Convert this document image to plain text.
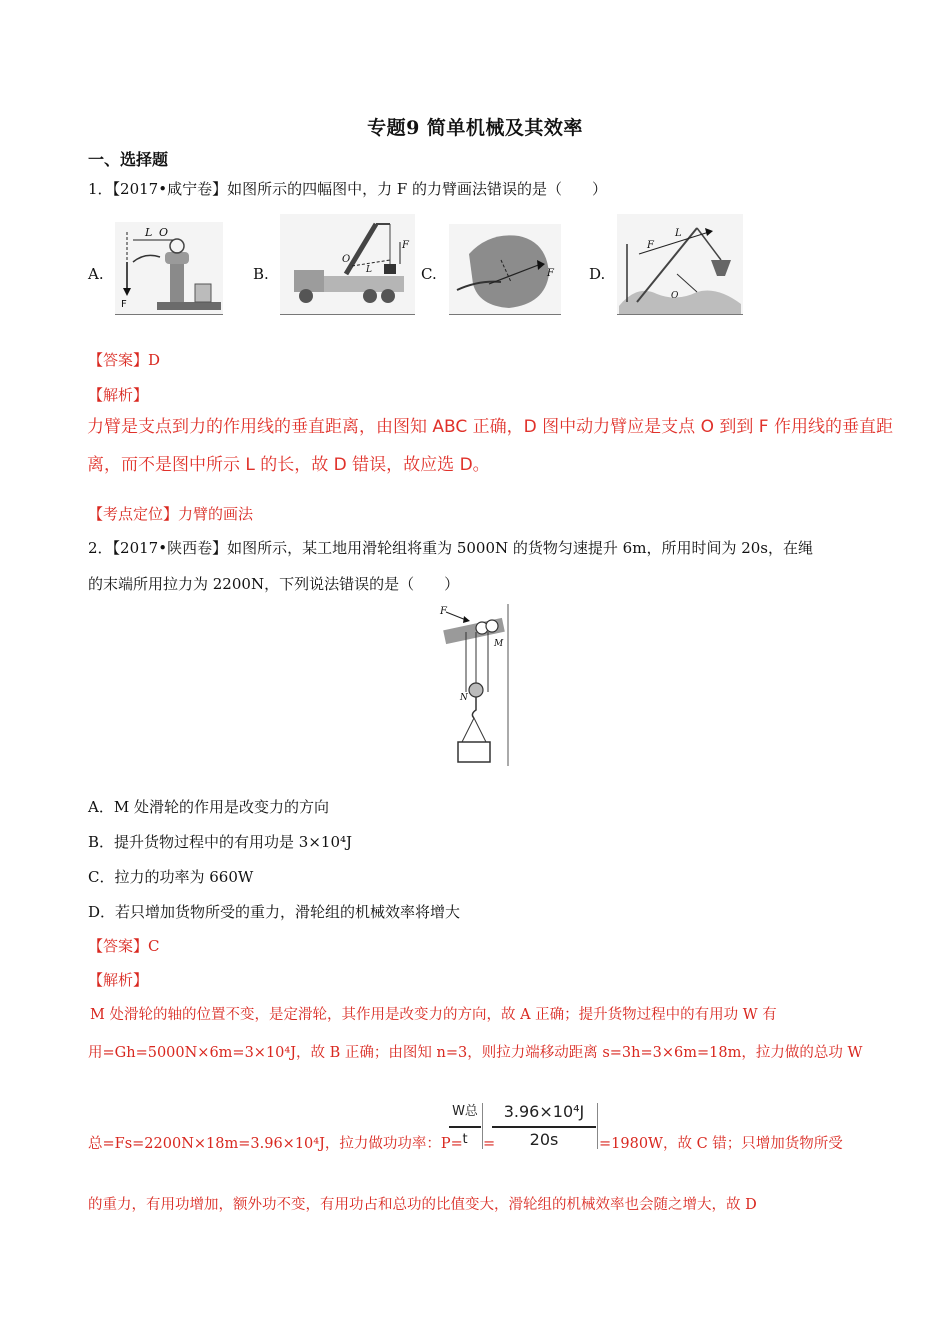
专题9 简单机械及其效率
一、选择题
1．【2017•咸宁卷】如图所示的四幅图中，力 F 的力臂画法错误的是（　　）
A.
L O
F
B.
O
F
L	C.	F D.
F
L
O
【答案】D
【解析】
力臂是支点到力的作用线的垂直距离，由图知 ABC 正确，D 图中动力臂应是支点 O 到到 F 作用线的垂直距
离，而不是图中所示 L 的长，故 D 错误，故应选 D。
【考点定位】力臂的画法
2．【2017•陕西卷】如图所示，某工地用滑轮组将重为 5000N 的货物匀速提升 6m，所用时间为 20s，在绳
的末端所用拉力为 2200N，下列说法错误的是（　　）
F
M
N
A．M 处滑轮的作用是改变力的方向
B．提升货物过程中的有用功是 3×10⁴J
C．拉力的功率为 660W
D．若只增加货物所受的重力，滑轮组的机械效率将增大
【答案】C
【解析】
M 处滑轮的轴的位置不变，是定滑轮，其作用是改变力的方向，故 A 正确；提升货物过程中的有用功 W 有
用=Gh=5000N×6m=3×10⁴J，故 B 正确；由图知 n=3，则拉力端移动距离 s=3h=3×6m=18m，拉力做的总功 W
总=Fs=2200N×18m=3.96×10⁴J，拉力做功功率：P=
W总
t	=
3.96×10⁴J
20s	=1980W，故 C 错；只增加货物所受
的重力，有用功增加，额外功不变，有用功占和总功的比值变大，滑轮组的机械效率也会随之增大，故 D
